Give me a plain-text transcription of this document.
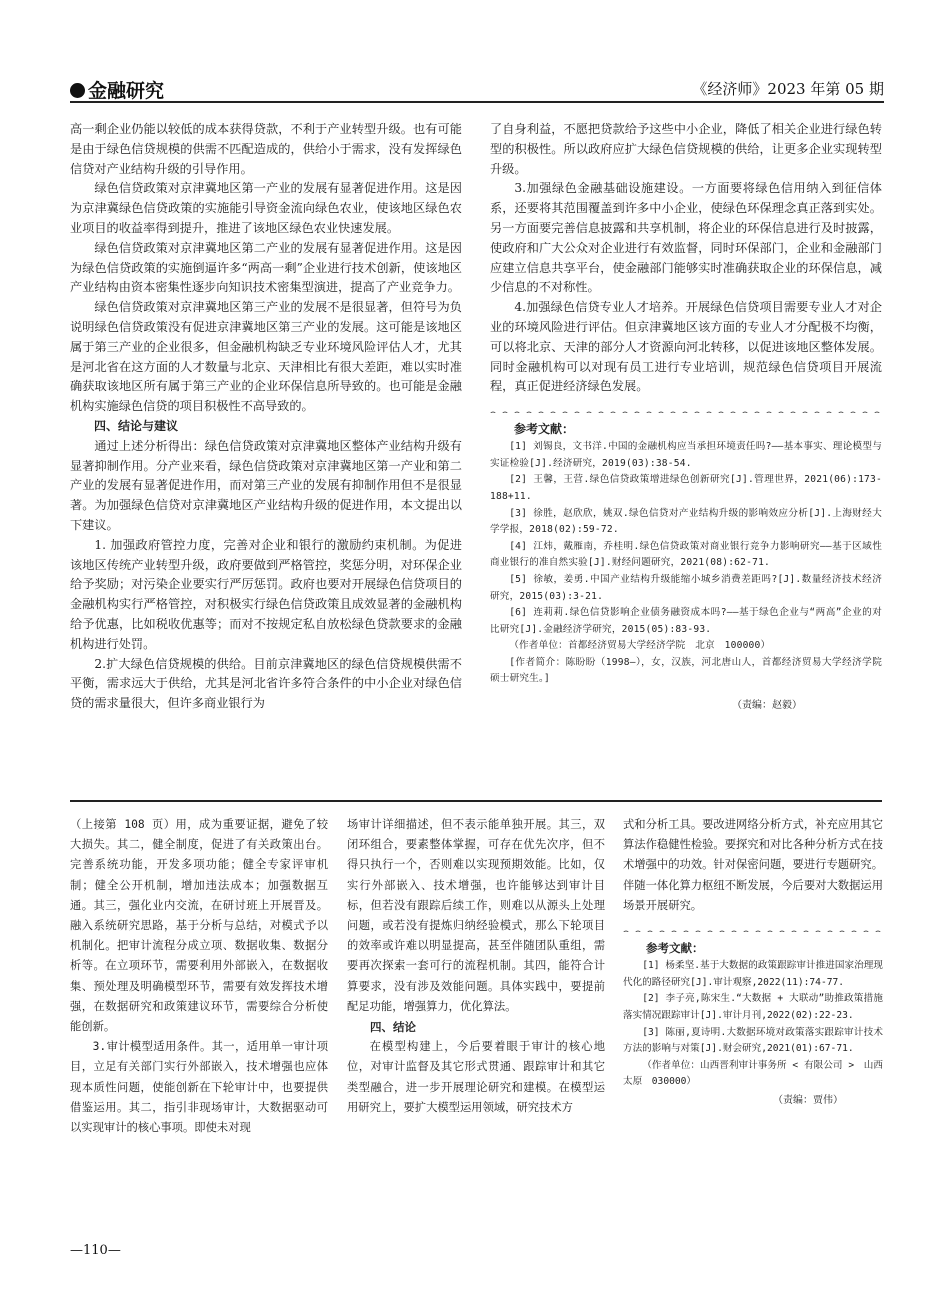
金融研究	《经济师》2023 年第 05 期

高一剩企业仍能以较低的成本获得贷款，不利于产业转型升级。也有可能是由于绿色信贷规模的供需不匹配造成的，供给小于需求，没有发挥绿色信贷对产业结构升级的引导作用。

绿色信贷政策对京津冀地区第一产业的发展有显著促进作用。这是因为京津冀绿色信贷政策的实施能引导资金流向绿色农业，使该地区绿色农业项目的收益率得到提升，推进了该地区绿色农业快速发展。

绿色信贷政策对京津冀地区第二产业的发展有显著促进作用。这是因为绿色信贷政策的实施倒逼许多“两高一剩”企业进行技术创新，使该地区产业结构由资本密集性逐步向知识技术密集型演进，提高了产业竞争力。

绿色信贷政策对京津冀地区第三产业的发展不是很显著，但符号为负说明绿色信贷政策没有促进京津冀地区第三产业的发展。这可能是该地区属于第三产业的企业很多，但金融机构缺乏专业环境风险评估人才，尤其是河北省在这方面的人才数量与北京、天津相比有很大差距，难以实时准确获取该地区所有属于第三产业的企业环保信息所导致的。也可能是金融机构实施绿色信贷的项目积极性不高导致的。

四、结论与建议

通过上述分析得出：绿色信贷政策对京津冀地区整体产业结构升级有显著抑制作用。分产业来看，绿色信贷政策对京津冀地区第一产业和第二产业的发展有显著促进作用，而对第三产业的发展有抑制作用但不是很显著。为加强绿色信贷对京津冀地区产业结构升级的促进作用，本文提出以下建议。

1. 加强政府管控力度，完善对企业和银行的激励约束机制。为促进该地区传统产业转型升级，政府要做到严格管控，奖惩分明，对环保企业给予奖励；对污染企业要实行严厉惩罚。政府也要对开展绿色信贷项目的金融机构实行严格管控，对积极实行绿色信贷政策且成效显著的金融机构给予优惠，比如税收优惠等；而对不按规定私自放松绿色贷款要求的金融机构进行处罚。

2.扩大绿色信贷规模的供给。目前京津冀地区的绿色信贷规模供需不平衡，需求远大于供给，尤其是河北省许多符合条件的中小企业对绿色信贷的需求量很大，但许多商业银行为

了自身利益，不愿把贷款给予这些中小企业，降低了相关企业进行绿色转型的积极性。所以政府应扩大绿色信贷规模的供给，让更多企业实现转型升级。

3.加强绿色金融基础设施建设。一方面要将绿色信用纳入到征信体系，还要将其范围覆盖到许多中小企业，使绿色环保理念真正落到实处。另一方面要完善信息披露和共享机制，将企业的环保信息进行及时披露，使政府和广大公众对企业进行有效监督，同时环保部门，企业和金融部门应建立信息共享平台，使金融部门能够实时准确获取企业的环保信息，减少信息的不对称性。

4.加强绿色信贷专业人才培养。开展绿色信贷项目需要专业人才对企业的环境风险进行评估。但京津冀地区该方面的专业人才分配极不均衡，可以将北京、天津的部分人才资源向河北转移，以促进该地区整体发展。同时金融机构可以对现有员工进行专业培训，规范绿色信贷项目开展流程，真正促进经济绿色发展。

参考文献：

[1] 刘锡良，文书洋.中国的金融机构应当承担环境责任吗?——基本事实、理论模型与实证检验[J].经济研究，2019(03):38-54.

[2] 王馨，王营.绿色信贷政策增进绿色创新研究[J].管理世界，2021(06):173-188+11.

[3] 徐胜，赵欣欣，姚双.绿色信贷对产业结构升级的影响效应分析[J].上海财经大学学报，2018(02):59-72.

[4] 江炜，戴雁南，乔桂明.绿色信贷政策对商业银行竞争力影响研究——基于区域性商业银行的准自然实验[J].财经问题研究，2021(08):62-71.

[5] 徐敏，姜勇.中国产业结构升级能缩小城乡消费差距吗?[J].数量经济技术经济研究，2015(03):3-21.

[6] 连莉莉.绿色信贷影响企业债务融资成本吗?——基于绿色企业与“两高”企业的对比研究[J].金融经济学研究，2015(05):83-93.

（作者单位：首都经济贸易大学经济学院　北京　100000）

[作者简介：陈盼盼（1998—），女，汉族，河北唐山人，首都经济贸易大学经济学院硕士研究生。]

（责编：赵毅）

（上接第 108 页）用，成为重要证据，避免了较大损失。其二，健全制度，促进了有关政策出台。完善系统功能，开发多项功能；健全专家评审机制；健全公开机制，增加违法成本；加强数据互通。其三，强化业内交流，在研讨班上开展晋及。融入系统研究思路，基于分析与总结，对模式予以机制化。把审计流程分成立项、数据收集、数据分析等。在立项环节，需要利用外部嵌入，在数据收集、预处理及明确模型环节，需要有效发挥技术增强，在数据研究和政策建议环节，需要综合分析使能创新。

3.审计模型适用条件。其一，适用单一审计项目，立足有关部门实行外部嵌入，技术增强也应体现本质性问题，使能创新在下轮审计中，也要提供借鉴运用。其二，指引非现场审计，大数据驱动可以实现审计的核心事项。即使未对现

场审计详细描述，但不表示能单独开展。其三，双闭环组合，要素整体掌握，可存在优先次序，但不得只执行一个，否则难以实现预期效能。比如，仅实行外部嵌入、技术增强，也许能够达到审计目标，但若没有跟踪后续工作，则难以从源头上处理问题，或若没有提炼归纳经验模式，那么下轮项目的效率或许难以明显提高，甚至伴随团队重组，需要再次探索一套可行的流程机制。其四，能符合计算要求，没有涉及效能问题。具体实践中，要提前配足功能，增强算力，优化算法。

四、结论

在模型构建上，今后要着眼于审计的核心地位，对审计监督及其它形式贯通、跟踪审计和其它类型融合，进一步开展理论研究和建模。在模型运用研究上，要扩大模型运用领域，研究技术方

式和分析工具。要改进网络分析方式，补充应用其它算法作稳健性检验。要探究和对比各种分析方式在技术增强中的功效。针对保密问题，要进行专题研究。伴随一体化算力枢纽不断发展，今后要对大数据运用场景开展研究。

参考文献：

[1] 杨柔坚.基于大数据的政策跟踪审计推进国家治理现代化的路径研究[J].审计观察,2022(11):74-77.

[2] 李子亮,陈宋生.“大数据 + 大联动”助推政策措施落实情况跟踪审计[J].审计月刊,2022(02):22-23.

[3] 陈丽,夏诗明.大数据环境对政策落实跟踪审计技术方法的影响与对策[J].财会研究,2021(01):67-71.

（作者单位：山西晋利审计事务所 < 有限公司 >　山西太原　030000）

（责编：贾伟）
—110—
